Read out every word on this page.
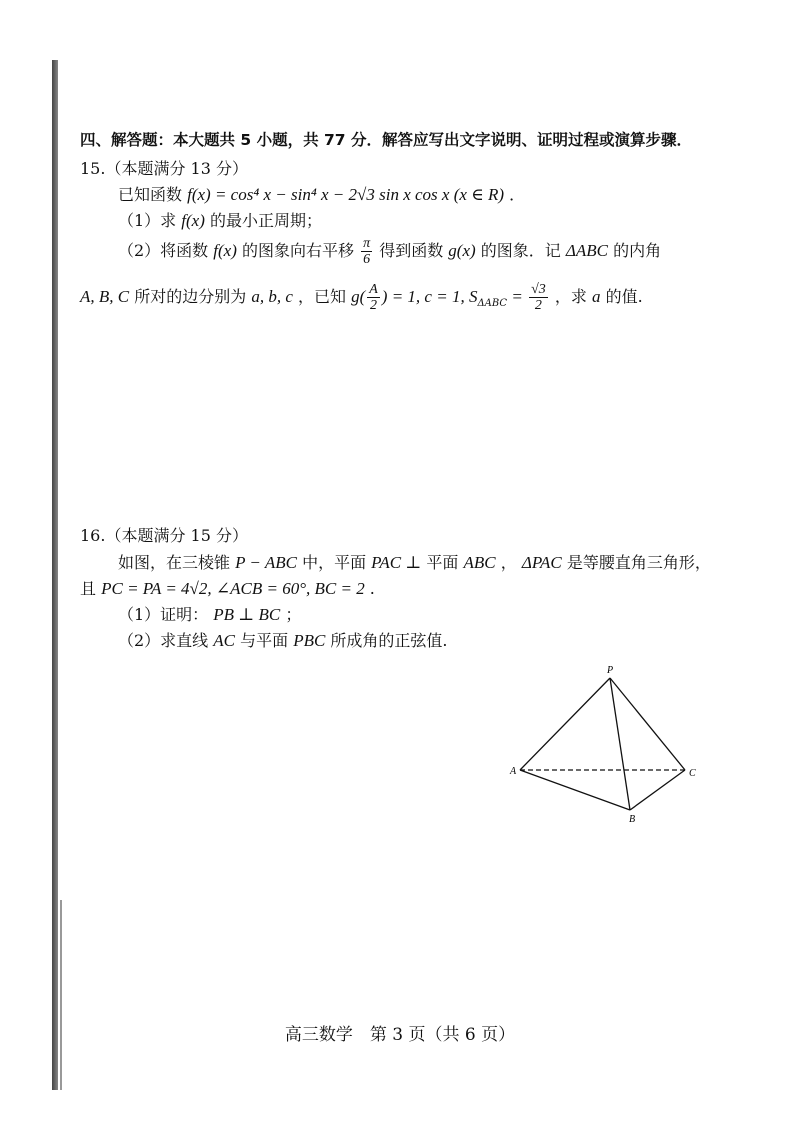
四、解答题：本大题共 5 小题，共 77 分．解答应写出文字说明、证明过程或演算步骤．
15.（本题满分 13 分）
已知函数 f(x) = cos⁴ x − sin⁴ x − 2√3 sin x cos x (x ∈ R) ．
（1）求 f(x) 的最小正周期；
（2）将函数 f(x) 的图象向右平移 $\frac{\pi}{6}$ 得到函数 g(x) 的图象．记 ΔABC 的内角
A, B, C 所对的边分别为 a, b, c ，已知 $g( \frac{A}{2}$ ) = 1, c = 1, $S_{\Delta ABC} = \frac{√3}{2}$ ，求 a 的值.
16.（本题满分 15 分）
如图，在三棱锥 P − ABC 中，平面 PAC ⊥ 平面 ABC ， ΔPAC 是等腰直角三角形，
且 PC = PA = 4√2, ∠ACB = 60°, BC = 2 .
（1）证明： PB ⊥ BC ；
（2）求直线 AC 与平面 PBC 所成角的正弦值.
P
A	C
B
高三数学　第 3 页（共 6 页）
